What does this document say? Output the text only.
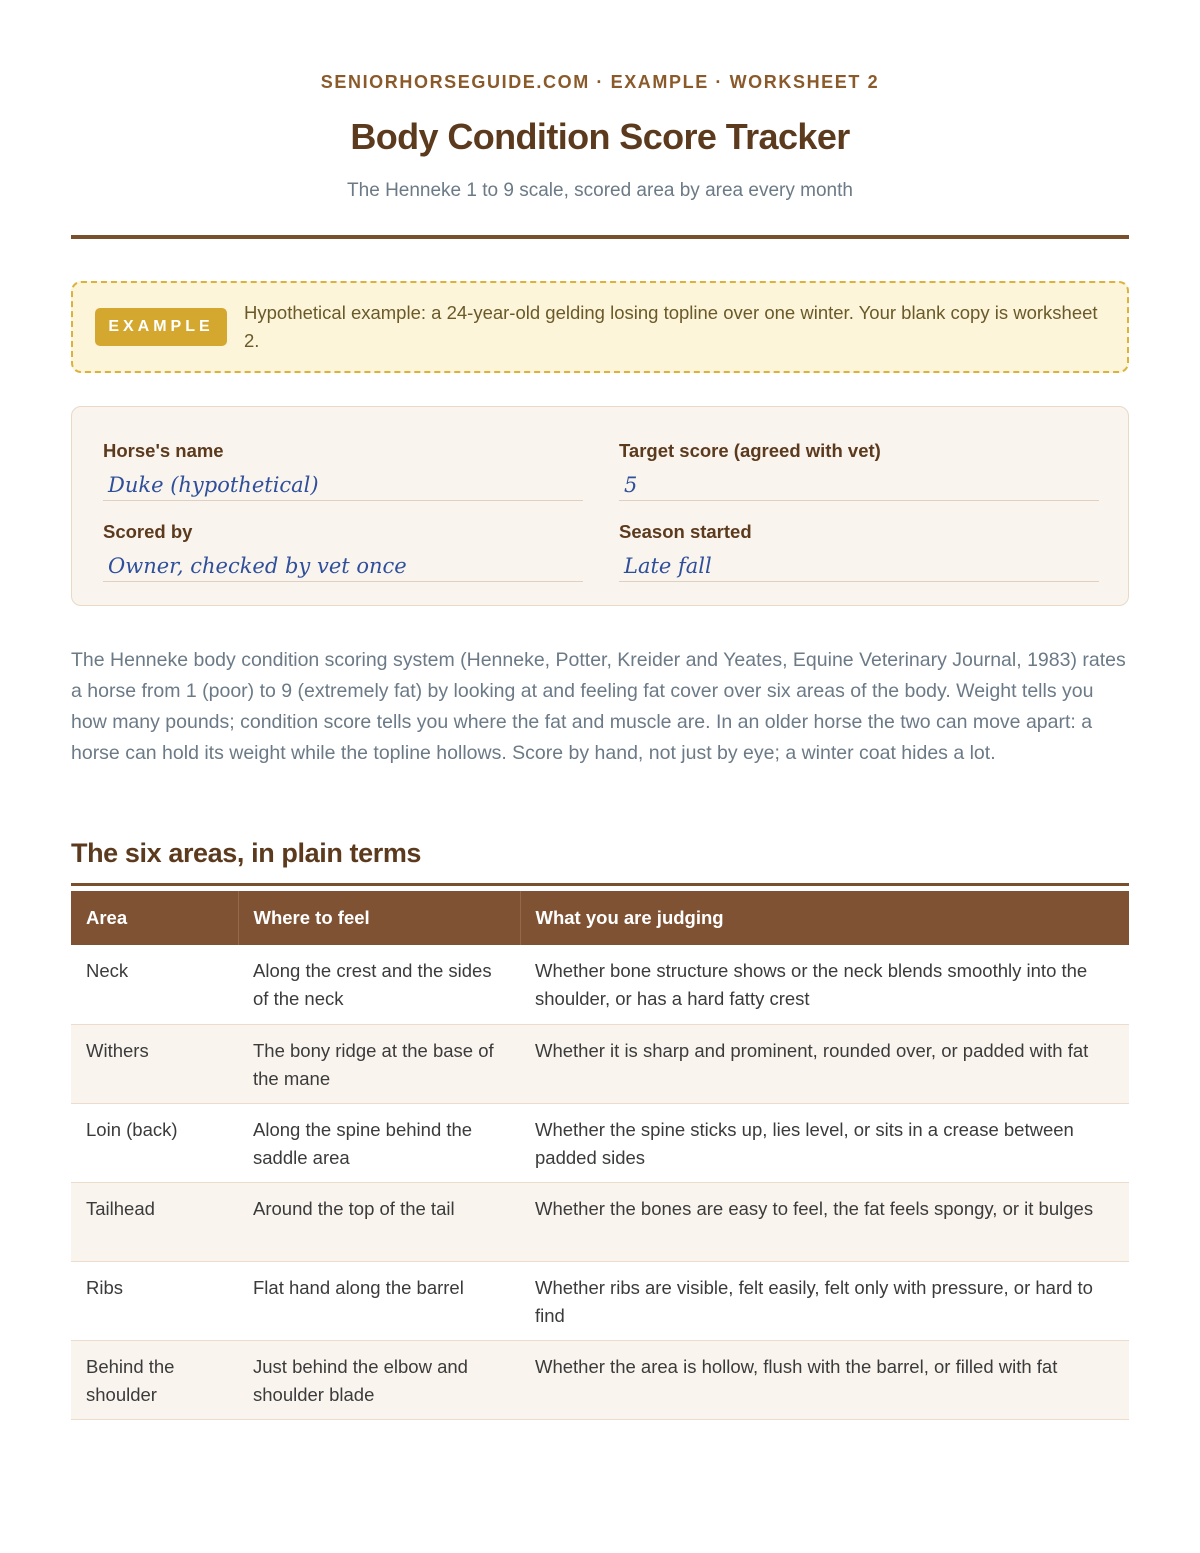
SENIORHORSEGUIDE.COM · EXAMPLE · WORKSHEET 2
Body Condition Score Tracker
The Henneke 1 to 9 scale, scored area by area every month
EXAMPLE
Hypothetical example: a 24-year-old gelding losing topline over one winter. Your blank copy is worksheet 2.
Horse's name
Duke (hypothetical)
Target score (agreed with vet)
5
Scored by
Owner, checked by vet once
Season started
Late fall
The Henneke body condition scoring system (Henneke, Potter, Kreider and Yeates, Equine Veterinary Journal, 1983) rates a horse from 1 (poor) to 9 (extremely fat) by looking at and feeling fat cover over six areas of the body. Weight tells you how many pounds; condition score tells you where the fat and muscle are. In an older horse the two can move apart: a horse can hold its weight while the topline hollows. Score by hand, not just by eye; a winter coat hides a lot.
The six areas, in plain terms
Area	Where to feel	What you are judging
Neck	Along the crest and the sides of the neck	Whether bone structure shows or the neck blends smoothly into the shoulder, or has a hard fatty crest
Withers	The bony ridge at the base of the mane	Whether it is sharp and prominent, rounded over, or padded with fat
Loin (back)	Along the spine behind the saddle area	Whether the spine sticks up, lies level, or sits in a crease between padded sides
Tailhead	Around the top of the tail	Whether the bones are easy to feel, the fat feels spongy, or it bulges
Ribs	Flat hand along the barrel	Whether ribs are visible, felt easily, felt only with pressure, or hard to find
Behind the shoulder	Just behind the elbow and shoulder blade	Whether the area is hollow, flush with the barrel, or filled with fat
